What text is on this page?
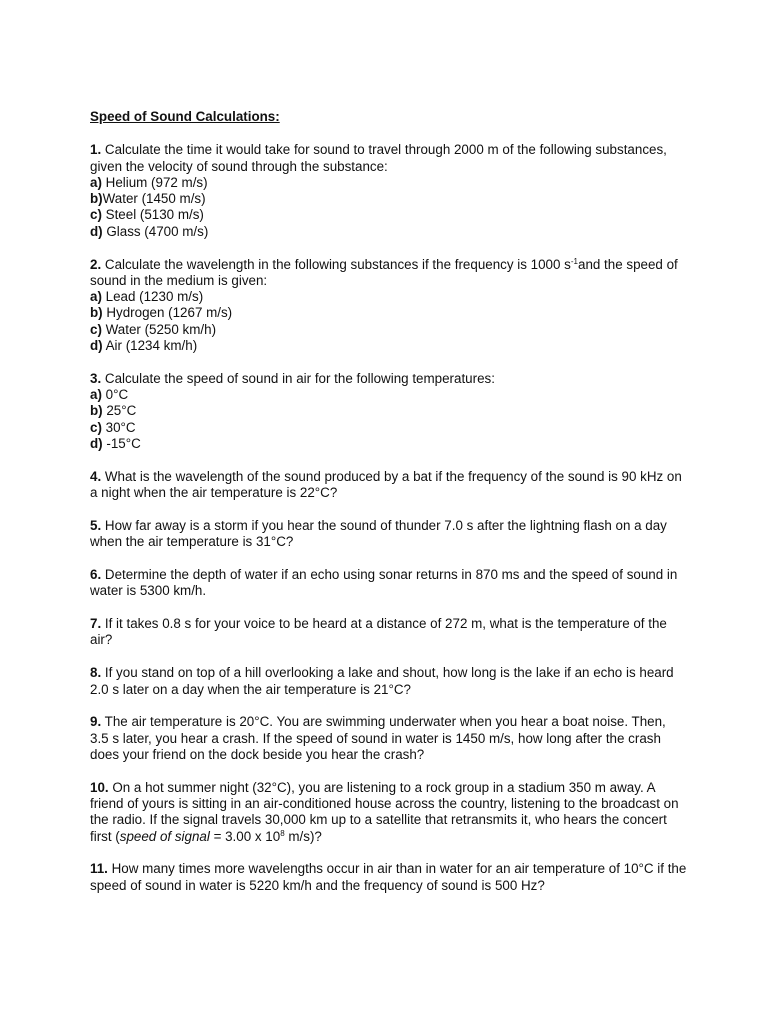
Speed of Sound Calculations:

1. Calculate the time it would take for sound to travel through 2000 m of the following substances, given the velocity of sound through the substance:
a) Helium (972 m/s)
b)Water (1450 m/s)
c) Steel (5130 m/s)
d) Glass (4700 m/s)
2. Calculate the wavelength in the following substances if the frequency is 1000 $s^{-1}and$ the speed of sound in the medium is given:
a) Lead (1230 m/s)
b) Hydrogen (1267 m/s)
c) Water (5250 km/h)
d) Air (1234 km/h)
3. Calculate the speed of sound in air for the following temperatures:
a) 0°C
b) 25°C
c) 30°C
d) -15°C
4. What is the wavelength of the sound produced by a bat if the frequency of the sound is 90 kHz on a night when the air temperature is 22°C?
5. How far away is a storm if you hear the sound of thunder 7.0 s after the lightning flash on a day when the air temperature is 31°C?
6. Determine the depth of water if an echo using sonar returns in 870 ms and the speed of sound in water is 5300 km/h.
7. If it takes 0.8 s for your voice to be heard at a distance of 272 m, what is the temperature of the air?
8. If you stand on top of a hill overlooking a lake and shout, how long is the lake if an echo is heard 2.0 s later on a day when the air temperature is 21°C?
9. The air temperature is 20°C. You are swimming underwater when you hear a boat noise. Then, 3.5 s later, you hear a crash. If the speed of sound in water is 1450 m/s, how long after the crash does your friend on the dock beside you hear the crash?
10. On a hot summer night (32°C), you are listening to a rock group in a stadium 350 m away. A friend of yours is sitting in an air-conditioned house across the country, listening to the broadcast on the radio. If the signal travels 30,000 km up to a satellite that retransmits it, who hears the concert first (speed of signal = 3.00 x $10^8$ m/s)?
11. How many times more wavelengths occur in air than in water for an air temperature of 10°C if the speed of sound in water is 5220 km/h and the frequency of sound is 500 Hz?
